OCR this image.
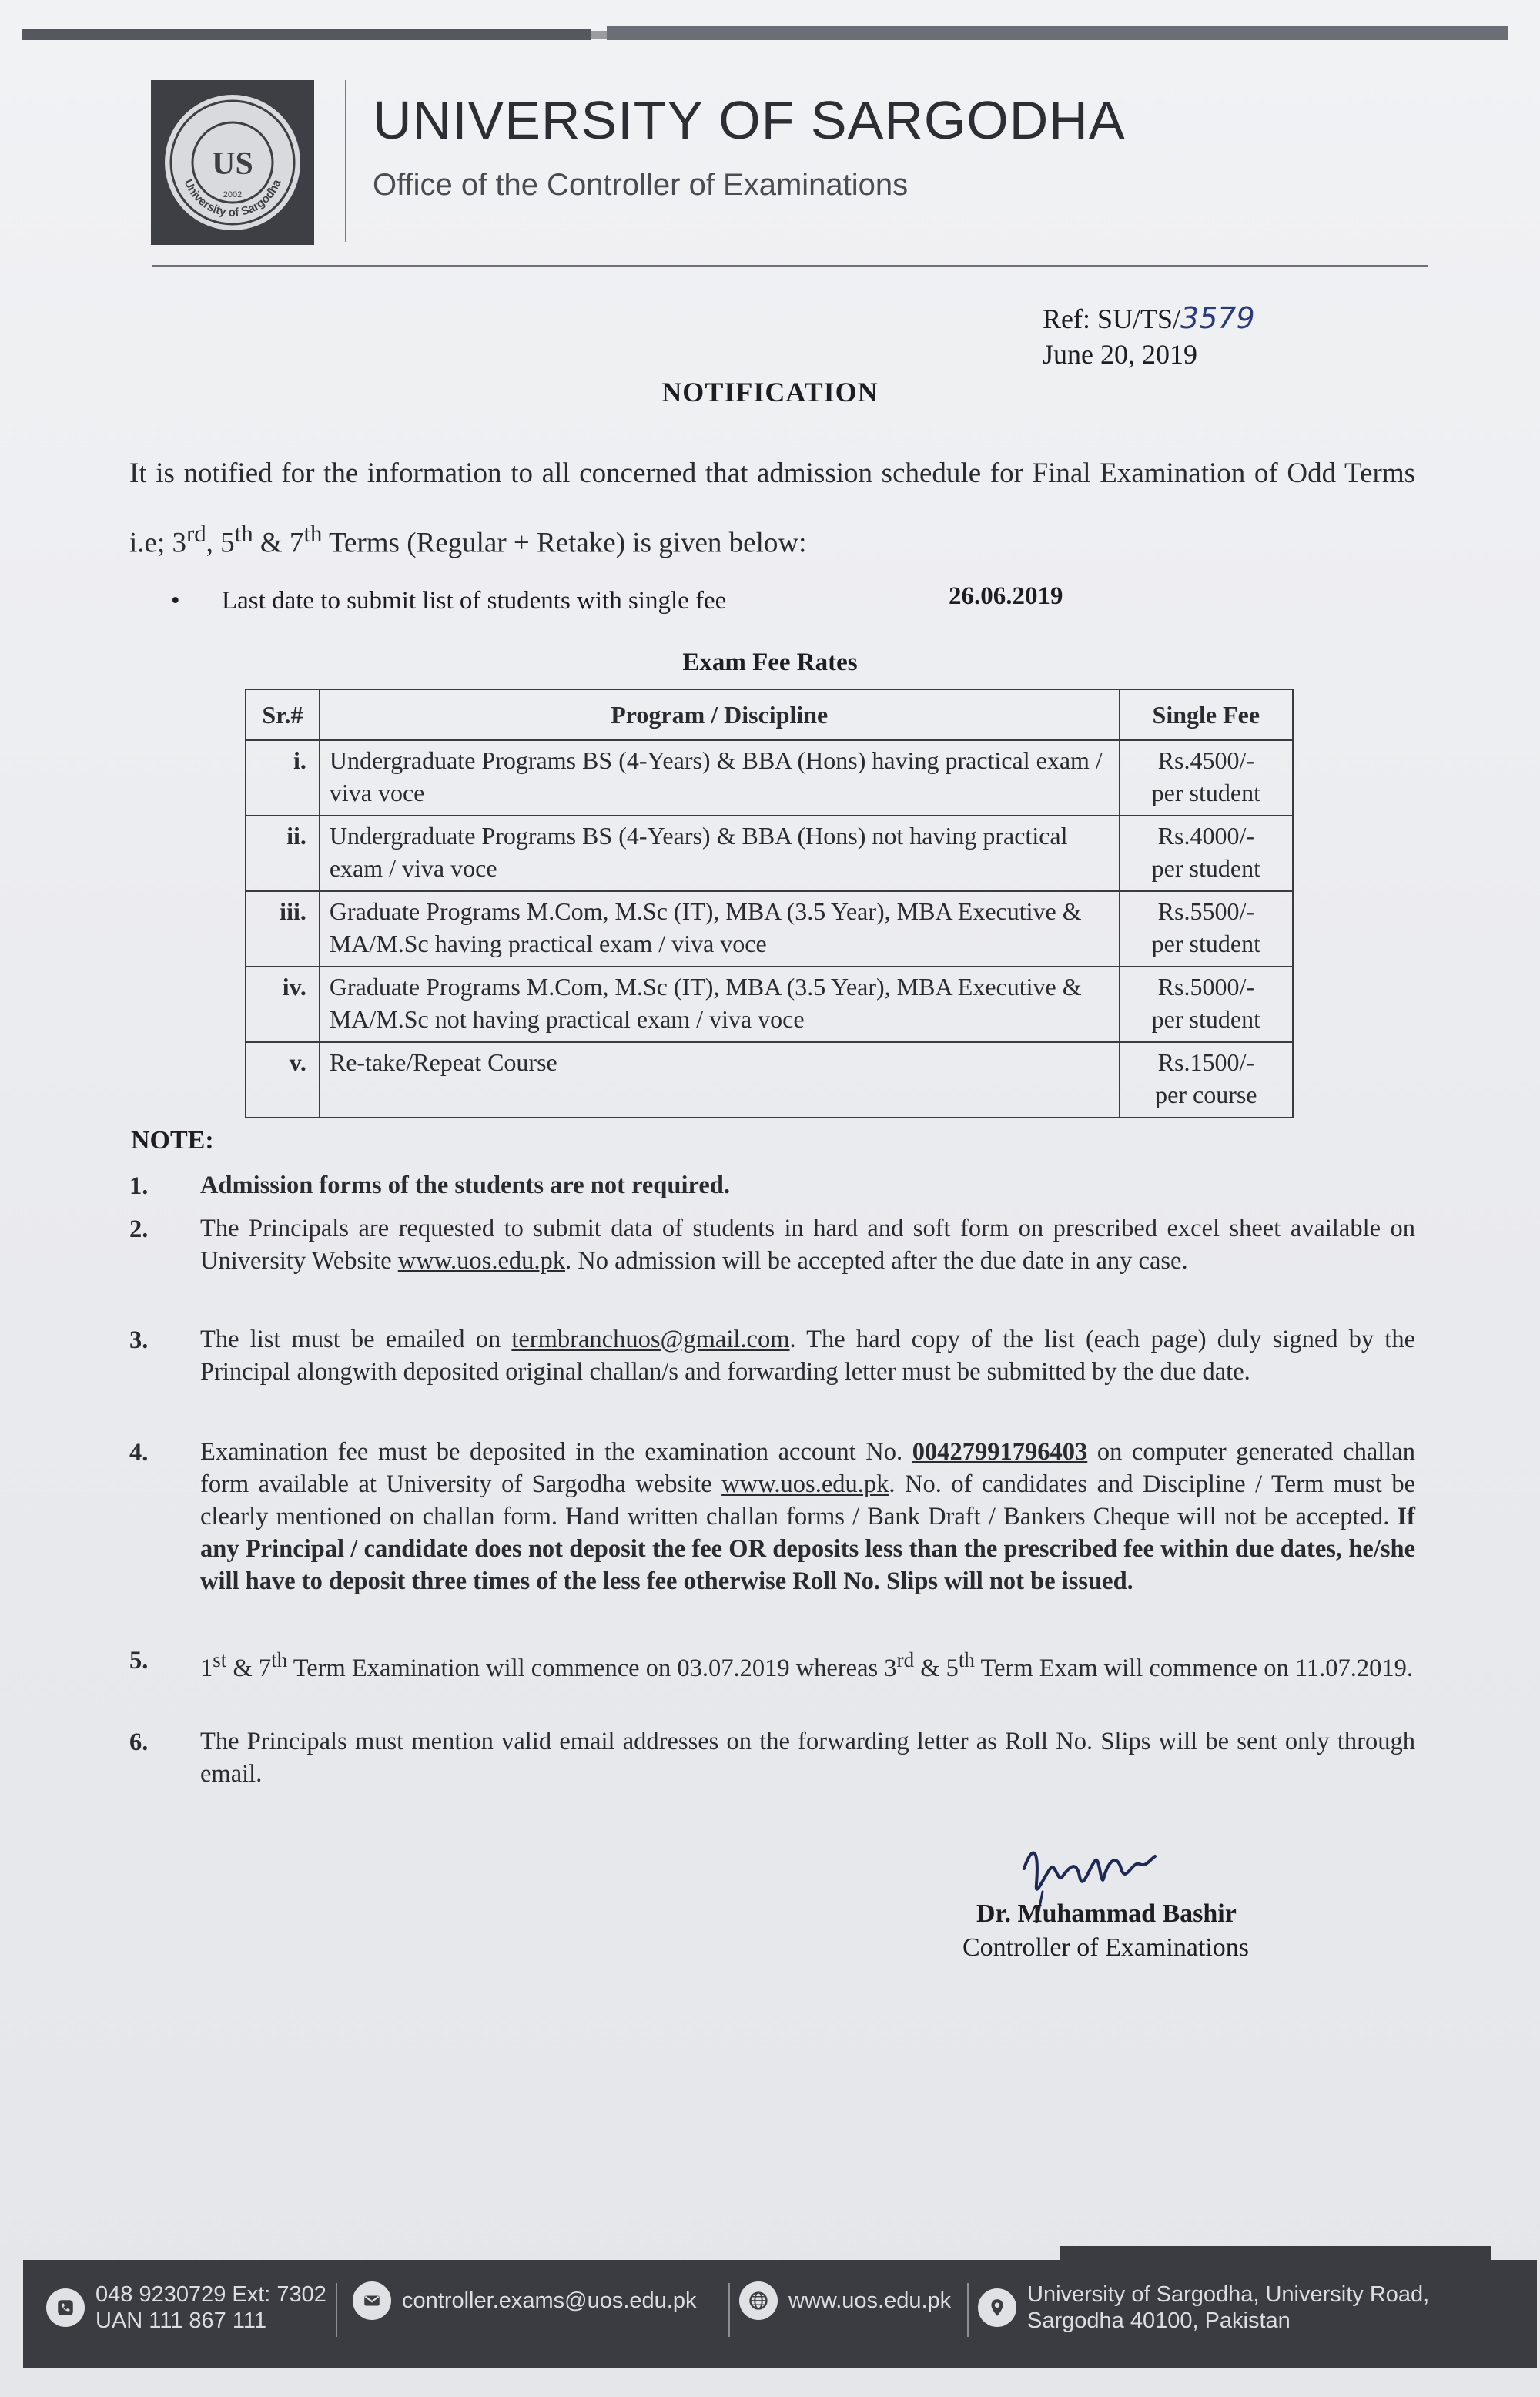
US
2002
University of Sargodha
UNIVERSITY OF SARGODHA
Office of the Controller of Examinations
Ref: SU/TS/3579
June 20, 2019
NOTIFICATION
It is notified for the information to all concerned that admission schedule for Final Examination of Odd Terms i.e; 3rd, 5th & 7th Terms (Regular + Retake) is given below:
• Last date to submit list of students with single fee	26.06.2019
Exam Fee Rates
Sr.#	Program / Discipline	Single Fee
i.	Undergraduate Programs BS (4-Years) & BBA (Hons) having practical exam / viva voce	Rs.4500/-
per student

ii.	Undergraduate Programs BS (4-Years) & BBA (Hons) not having practical exam / viva voce	Rs.4000/-
per student

iii.	Graduate Programs M.Com, M.Sc (IT), MBA (3.5 Year), MBA Executive & MA/M.Sc having practical exam / viva voce	Rs.5500/-
per student

iv.	Graduate Programs M.Com, M.Sc (IT), MBA (3.5 Year), MBA Executive & MA/M.Sc not having practical exam / viva voce	Rs.5000/-
per student

v.	Re-take/Repeat Course	Rs.1500/-
per course
NOTE:
1. Admission forms of the students are not required.
2. The Principals are requested to submit data of students in hard and soft form on prescribed excel sheet available on University Website www.uos.edu.pk. No admission will be accepted after the due date in any case.
3. The list must be emailed on termbranchuos@gmail.com. The hard copy of the list (each page) duly signed by the Principal alongwith deposited original challan/s and forwarding letter must be submitted by the due date.
4. Examination fee must be deposited in the examination account No. 00427991796403 on computer generated challan form available at University of Sargodha website www.uos.edu.pk. No. of candidates and Discipline / Term must be clearly mentioned on challan form. Hand written challan forms / Bank Draft / Bankers Cheque will not be accepted. If any Principal / candidate does not deposit the fee OR deposits less than the prescribed fee within due dates, he/she will have to deposit three times of the less fee otherwise Roll No. Slips will not be issued.
5. 1st & 7th Term Examination will commence on 03.07.2019 whereas 3rd & 5th Term Exam will commence on 11.07.2019.
6. The Principals must mention valid email addresses on the forwarding letter as Roll No. Slips will be sent only through email.
Dr. Muhammad Bashir
Controller of Examinations
048 9230729 Ext: 7302
UAN 111 867 111
controller.exams@uos.edu.pk	www.uos.edu.pk	University of Sargodha, University Road,
Sargodha 40100, Pakistan
